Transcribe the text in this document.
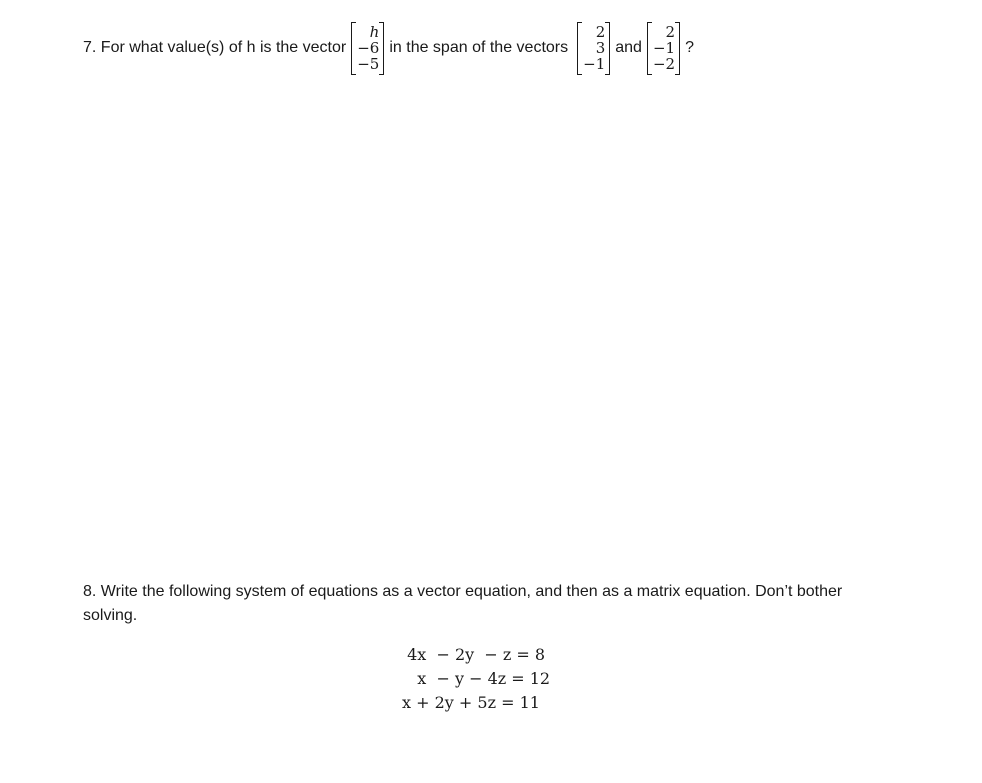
7. For what value(s) of h is the vector
h
−6
−5
in the span of the vectors
2
3
−1
and
2
−1
−2
?
8. Write the following system of equations as a vector equation, and then as a matrix equation. Don’t bother solving.
4x  − 2y  − z = 8
x  − y − 4z = 12
x + 2y + 5z = 11
